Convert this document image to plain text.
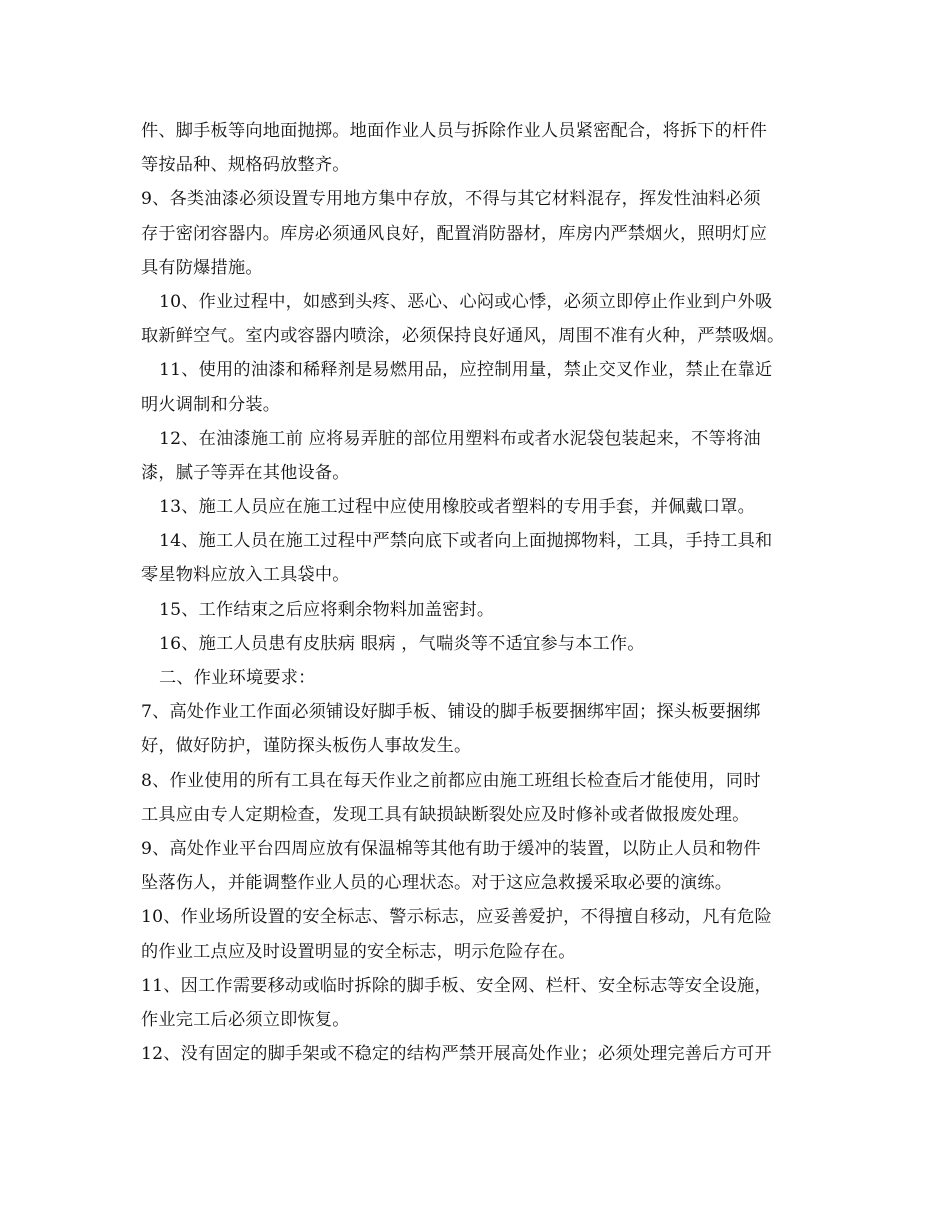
件、脚手板等向地面抛掷。地面作业人员与拆除作业人员紧密配合，将拆下的杆件
等按品种、规格码放整齐。
9、各类油漆必须设置专用地方集中存放，不得与其它材料混存，挥发性油料必须
存于密闭容器内。库房必须通风良好，配置消防器材，库房内严禁烟火，照明灯应
具有防爆措施。
10、作业过程中，如感到头疼、恶心、心闷或心悸，必须立即停止作业到户外吸
取新鲜空气。室内或容器内喷涂，必须保持良好通风，周围不准有火种，严禁吸烟。
11、使用的油漆和稀释剂是易燃用品，应控制用量，禁止交叉作业，禁止在靠近
明火调制和分装。
12、在油漆施工前 应将易弄脏的部位用塑料布或者水泥袋包装起来，不等将油
漆，腻子等弄在其他设备。
13、施工人员应在施工过程中应使用橡胶或者塑料的专用手套，并佩戴口罩。
14、施工人员在施工过程中严禁向底下或者向上面抛掷物料，工具，手持工具和
零星物料应放入工具袋中。
15、工作结束之后应将剩余物料加盖密封。
16、施工人员患有皮肤病 眼病 ，气喘炎等不适宜参与本工作。
二、作业环境要求：
7、高处作业工作面必须铺设好脚手板、铺设的脚手板要捆绑牢固；探头板要捆绑
好，做好防护，谨防探头板伤人事故发生。
8、作业使用的所有工具在每天作业之前都应由施工班组长检查后才能使用，同时
工具应由专人定期检查，发现工具有缺损缺断裂处应及时修补或者做报废处理。
9、高处作业平台四周应放有保温棉等其他有助于缓冲的装置，以防止人员和物件
坠落伤人，并能调整作业人员的心理状态。对于这应急救援采取必要的演练。
10、作业场所设置的安全标志、警示标志，应妥善爱护，不得擅自移动，凡有危险
的作业工点应及时设置明显的安全标志，明示危险存在。
11、因工作需要移动或临时拆除的脚手板、安全网、栏杆、安全标志等安全设施，
作业完工后必须立即恢复。
12、没有固定的脚手架或不稳定的结构严禁开展高处作业；必须处理完善后方可开
